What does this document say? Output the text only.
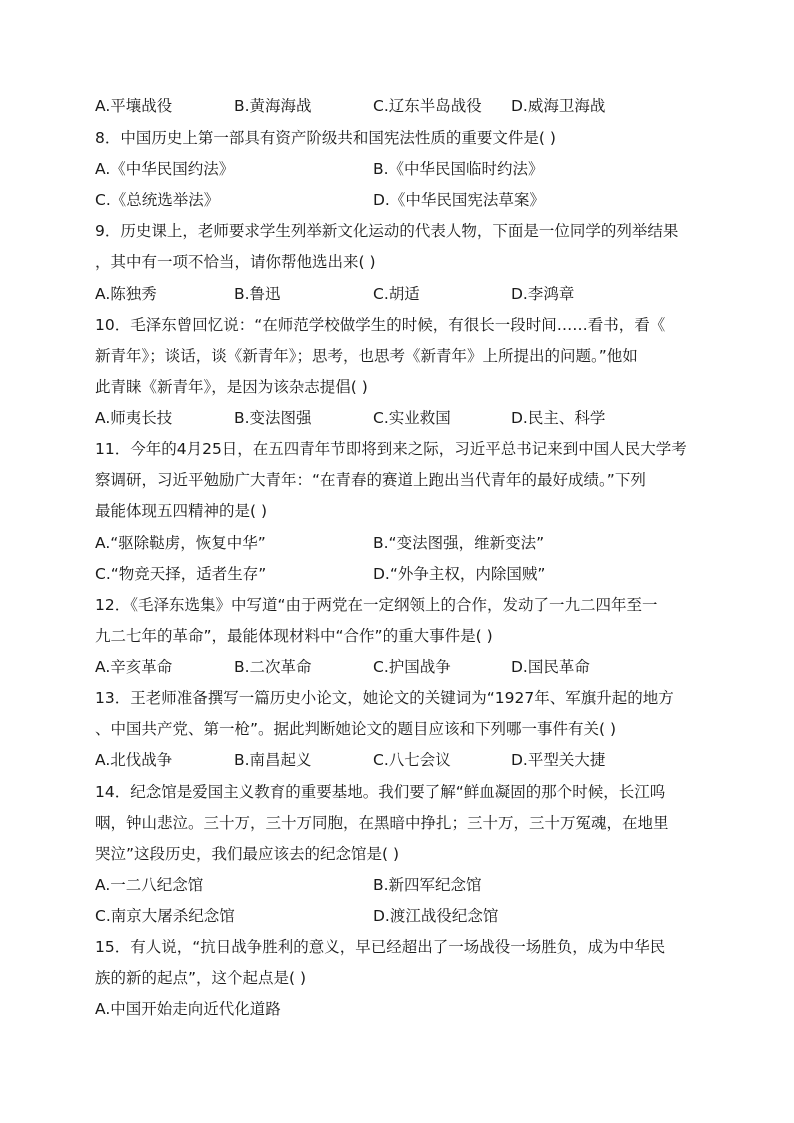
A.平壤战役	B.黄海海战	C.辽东半岛战役 D.威海卫海战
8．中国历史上第一部具有资产阶级共和国宪法性质的重要文件是( )
A.《中华民国约法》	B.《中华民国临时约法》
C.《总统选举法》	D.《中华民国宪法草案》
9．历史课上，老师要求学生列举新文化运动的代表人物，下面是一位同学的列举结果
，其中有一项不恰当，请你帮他选出来( )
A.陈独秀	B.鲁迅	C.胡适	D.李鸿章
10．毛泽东曾回忆说：“在师范学校做学生的时候，有很长一段时间……看书，看《
新青年》；谈话，谈《新青年》；思考，也思考《新青年》上所提出的问题。”他如
此青睐《新青年》，是因为该杂志提倡( )
A.师夷长技	B.变法图强	C.实业救国	D.民主、科学
11．今年的4月25日，在五四青年节即将到来之际，习近平总书记来到中国人民大学考
察调研，习近平勉励广大青年：“在青春的赛道上跑出当代青年的最好成绩。”下列
最能体现五四精神的是( )
A.“驱除鞑虏，恢复中华”	B.“变法图强，维新变法”
C.“物竞天择，适者生存”	D.“外争主权，内除国贼”
12．《毛泽东选集》中写道“由于两党在一定纲领上的合作，发动了一九二四年至一
九二七年的革命”，最能体现材料中“合作”的重大事件是( )
A.辛亥革命	B.二次革命	C.护国战争	D.国民革命
13．王老师准备撰写一篇历史小论文，她论文的关键词为“1927年、军旗升起的地方
、中国共产党、第一枪”。据此判断她论文的题目应该和下列哪一事件有关( )
A.北伐战争	B.南昌起义	C.八七会议	D.平型关大捷
14．纪念馆是爱国主义教育的重要基地。我们要了解“鲜血凝固的那个时候，长江呜
咽，钟山悲泣。三十万，三十万同胞，在黑暗中挣扎；三十万，三十万冤魂，在地里
哭泣”这段历史，我们最应该去的纪念馆是( )
A.一二八纪念馆	B.新四军纪念馆
C.南京大屠杀纪念馆	D.渡江战役纪念馆
15．有人说，“抗日战争胜利的意义，早已经超出了一场战役一场胜负，成为中华民
族的新的起点”，这个起点是( )
A.中国开始走向近代化道路
